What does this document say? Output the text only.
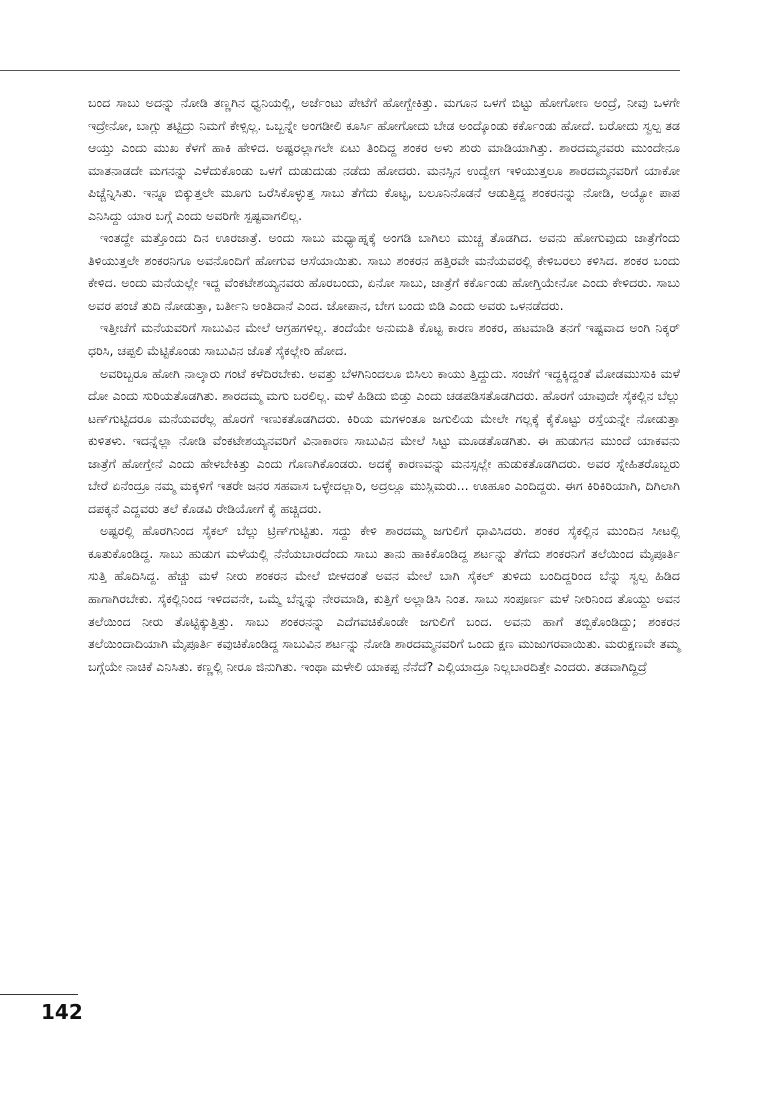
ಬಂದ ಸಾಬು ಅದನ್ನು ನೋಡಿ ತಣ್ಣಗಿನ ಧ್ವನಿಯಲ್ಲಿ, ಅರ್ಜೆಂಟು ಪೇಟೆಗೆ ಹೋಗ್ಬೇಕಿತ್ತು. ಮಗೂನ ಒಳಗೆ ಬಿಟ್ಟು ಹೋಗೋಣ ಅಂದ್ರೆ, ನೀವು ಒಳಗೇ ಇದ್ರೇನೋ, ಬಾಗ್ಲು ತಟ್ಟಿದ್ರು ನಿಮಗೆ ಕೇಳ್ಸಿಲ್ಲ. ಒಬ್ಬನ್ನೇ ಅಂಗಡೀಲಿ ಕೂರ್ಸಿ ಹೋಗೋದು ಬೇಡ ಅಂದ್ಕೊಂಡು ಕರ್ಕೊಂಡು ಹೋದೆ. ಬರೋದು ಸ್ವಲ್ಪ ತಡ ಆಯ್ತು ಎಂದು ಮುಖ ಕೆಳಗೆ ಹಾಕಿ ಹೇಳಿದ. ಅಷ್ಟರಲ್ಲಾಗಲೇ ಏಟು ತಿಂದಿದ್ದ ಶಂಕರ ಅಳು ಶುರು ಮಾಡಿಯಾಗಿತ್ತು. ಶಾರದಮ್ಮನವರು ಮುಂದೇನೂ ಮಾತನಾಡದೇ ಮಗನನ್ನು ಎಳೆದುಕೊಂಡು ಒಳಗೆ ದುಡುದುಡು ನಡೆದು ಹೋದರು. ಮನಸ್ಸಿನ ಉದ್ವೇಗ ಇಳಿಯುತ್ತಲೂ ಶಾರದಮ್ಮನವರಿಗೆ ಯಾಕೋ ಪಿಚ್ಚೆನ್ನಿಸಿತು. ಇನ್ನೂ ಬಿಕ್ಕುತ್ತಲೇ ಮೂಗು ಒರೆಸಿಕೊಳ್ಳುತ್ತ ಸಾಬು ತೆಗೆದು ಕೊಟ್ಟ, ಬಲೂನಿನೊಡನೆ ಆಡುತ್ತಿದ್ದ ಶಂಕರನನ್ನು ನೋಡಿ, ಅಯ್ಯೋ ಪಾಪ ಎನಿಸಿದ್ದು ಯಾರ ಬಗ್ಗೆ ಎಂದು ಅವರಿಗೇ ಸ್ಪಷ್ಟವಾಗಲಿಲ್ಲ.

ಇಂತದ್ದೇ ಮತ್ತೊಂದು ದಿನ ಊರಜಾತ್ರೆ. ಅಂದು ಸಾಬು ಮಧ್ಯಾಹ್ನಕ್ಕೆ ಅಂಗಡಿ ಬಾಗಿಲು ಮುಚ್ಚ ತೊಡಗಿದ. ಅವನು ಹೋಗುವುದು ಜಾತ್ರೆಗೆಂದು ತಿಳಿಯುತ್ತಲೇ ಶಂಕರನಿಗೂ ಅವನೊಂದಿಗೆ ಹೋಗುವ ಆಸೆಯಾಯಿತು. ಸಾಬು ಶಂಕರನ ಹತ್ತಿರವೇ ಮನೆಯವರಲ್ಲಿ ಕೇಳಿಬರಲು ಕಳಿಸಿದ. ಶಂಕರ ಬಂದು ಕೇಳಿದ. ಅಂದು ಮನೆಯಲ್ಲೇ ಇದ್ದ ವೆಂಕಟೇಶಯ್ಯನವರು ಹೊರಬಂದು, ಏನೋ ಸಾಬು, ಜಾತ್ರೆಗೆ ಕರ್ಕೊಂಡು ಹೋಗ್ತಿಯೇನೋ ಎಂದು ಕೇಳಿದರು. ಸಾಬು ಅವರ ಪಂಚೆ ತುದಿ ನೋಡುತ್ತಾ, ಬರ್ತೀನಿ ಅಂತಿದಾನೆ ಎಂದ. ಜೋಪಾನ, ಬೇಗ ಬಂದು ಬಿಡಿ ಎಂದು ಅವರು ಒಳನಡೆದರು.

ಇತ್ತೀಚೆಗೆ ಮನೆಯವರಿಗೆ ಸಾಬುವಿನ ಮೇಲೆ ಆಗ್ರಹಗಳಿಲ್ಲ. ತಂದೆಯೇ ಅನುಮತಿ ಕೊಟ್ಟ ಕಾರಣ ಶಂಕರ, ಹಟಮಾಡಿ ತನಗೆ ಇಷ್ಟವಾದ ಅಂಗಿ ನಿಕ್ಕರ್ ಧರಿಸಿ, ಚಪ್ಪಲಿ ಮೆಟ್ಟಿಕೊಂಡು ಸಾಬುವಿನ ಜೊತೆ ಸೈಕಲ್ಲೇರಿ ಹೋದ.

ಅವರಿಬ್ಬರೂ ಹೋಗಿ ನಾಲ್ಕಾರು ಗಂಟೆ ಕಳೆದಿರಬೇಕು. ಅವತ್ತು ಬೆಳಗಿನಿಂದಲೂ ಬಿಸಿಲು ಕಾಯು ತ್ತಿದ್ದುದು. ಸಂಜೆಗೆ ಇದ್ದಕ್ಕಿದ್ದಂತೆ ಮೋಡಮುಸುಕಿ ಮಳೆ ದೋ ಎಂದು ಸುರಿಯತೊಡಗಿತು. ಶಾರದಮ್ಮ ಮಗು ಬರಲಿಲ್ಲ. ಮಳೆ ಹಿಡಿದು ಬಿಡ್ತು ಎಂದು ಚಡಪಡಿಸತೊಡಗಿದರು. ಹೊರಗೆ ಯಾವುದೇ ಸೈಕಲ್ಲಿನ ಬೆಲ್ಲು ಟಣ್‌ಗುಟ್ಟಿದರೂ ಮನೆಯವರೆಲ್ಲ ಹೊರಗೆ ಇಣುಕತೊಡಗಿದರು. ಕಿರಿಯ ಮಗಳಂತೂ ಜಗುಲಿಯ ಮೇಲೇ ಗಲ್ಲಕ್ಕೆ ಕೈಕೊಟ್ಟು ರಸ್ತೆಯನ್ನೇ ನೋಡುತ್ತಾ ಕುಳಿತಳು. ಇದನ್ನೆಲ್ಲಾ ನೋಡಿ ವೆಂಕಟೇಶಯ್ಯನವರಿಗೆ ವಿನಾಕಾರಣ ಸಾಬುವಿನ ಮೇಲೆ ಸಿಟ್ಟು ಮೂಡತೊಡಗಿತು. ಈ ಹುಡುಗನ ಮುಂದೆ ಯಾಕವನು ಜಾತ್ರೆಗೆ ಹೋಗ್ತೇನೆ ಎಂದು ಹೇಳಬೇಕಿತ್ತು ಎಂದು ಗೊಣಗಿಕೊಂಡರು. ಅದಕ್ಕೆ ಕಾರಣವನ್ನು ಮನಸ್ಸಲ್ಲೇ ಹುಡುಕತೊಡಗಿದರು. ಅವರ ಸ್ನೇಹಿತರೊಬ್ಬರು ಬೇರೆ ಏನೆಂದ್ರೂ ನಮ್ಮ ಮಕ್ಕಳಿಗೆ ಇತರೇ ಜನರ ಸಹವಾಸ ಒಳ್ಳೇದಲ್ಲಾರಿ, ಅದ್ರಲ್ಲೂ ಮುಸ್ಲಿಮರು... ಊಹೂಂ ಎಂದಿದ್ದರು. ಈಗ ಕಿರಿಕಿರಿಯಾಗಿ, ದಿಗಿಲಾಗಿ ದಪಕ್ಕನೆ ಎದ್ದವರು ತಲೆ ಕೊಡವಿ ರೇಡಿಯೋಗೆ ಕೈ ಹಚ್ಚಿದರು.

ಅಷ್ಟರಲ್ಲಿ ಹೊರಗಿನಿಂದ ಸೈಕಲ್ ಬೆಲ್ಲು ಟ್ರಿಣ್‌ಗುಟ್ಟಿತು. ಸದ್ದು ಕೇಳಿ ಶಾರದಮ್ಮ ಜಗುಲಿಗೆ ಧಾವಿಸಿದರು. ಶಂಕರ ಸೈಕಲ್ಲಿನ ಮುಂದಿನ ಸೀಟಲ್ಲಿ ಕೂತುಕೊಂಡಿದ್ದ. ಸಾಬು ಹುಡುಗ ಮಳೆಯಲ್ಲಿ ನೆನೆಯಬಾರದೆಂದು ಸಾಬು ತಾನು ಹಾಕಿಕೊಂಡಿದ್ದ ಶರ್ಟನ್ನು ತೆಗೆದು ಶಂಕರನಿಗೆ ತಲೆಯಿಂದ ಮೈಪೂರ್ತಿ ಸುತ್ತಿ ಹೊದಿಸಿದ್ದ. ಹೆಚ್ಚು ಮಳೆ ನೀರು ಶಂಕರನ ಮೇಲೆ ಬೀಳದಂತೆ ಅವನ ಮೇಲೆ ಬಾಗಿ ಸೈಕಲ್ ತುಳಿದು ಬಂದಿದ್ದರಿಂದ ಬೆನ್ನು ಸ್ವಲ್ಪ ಹಿಡಿದ ಹಾಗಾಗಿರಬೇಕು. ಸೈಕಲ್ಲಿನಿಂದ ಇಳಿದವನೇ, ಒಮ್ಮೆ ಬೆನ್ನನ್ನು ನೇರಮಾಡಿ, ಕುತ್ತಿಗೆ ಅಲ್ಲಾಡಿಸಿ ನಿಂತ. ಸಾಬು ಸಂಪೂರ್ಣ ಮಳೆ ನೀರಿನಿಂದ ತೊಯ್ದು ಅವನ ತಲೆಯಿಂದ ನೀರು ತೊಟ್ಟಿಕ್ಕುತ್ತಿತ್ತು. ಸಾಬು ಶಂಕರನನ್ನು ಎದೆಗವಚಿಕೊಂಡೇ ಜಗುಲಿಗೆ ಬಂದ. ಅವನು ಹಾಗೆ ತಬ್ಬಿಕೊಂಡಿದ್ದು; ಶಂಕರನ ತಲೆಯಿಂದಾದಿಯಾಗಿ ಮೈಪೂರ್ತಿ ಕವುಚಿಕೊಂಡಿದ್ದ ಸಾಬುವಿನ ಶರ್ಟನ್ನು ನೋಡಿ ಶಾರದಮ್ಮನವರಿಗೆ ಒಂದು ಕ್ಷಣ ಮುಜುಗರವಾಯಿತು. ಮರುಕ್ಷಣವೇ ತಮ್ಮ ಬಗ್ಗೆಯೇ ನಾಚಿಕೆ ಎನಿಸಿತು. ಕಣ್ಣಲ್ಲಿ ನೀರೂ ಜಿನುಗಿತು. ಇಂಥಾ ಮಳೇಲಿ ಯಾಕಪ್ಪ ನೆನೆದೆ? ಎಲ್ಲಿಯಾದ್ರೂ ನಿಲ್ಲಬಾರದಿತ್ತೇ ಎಂದರು. ತಡವಾಗಿದ್ದಿದ್ರೆ

142
